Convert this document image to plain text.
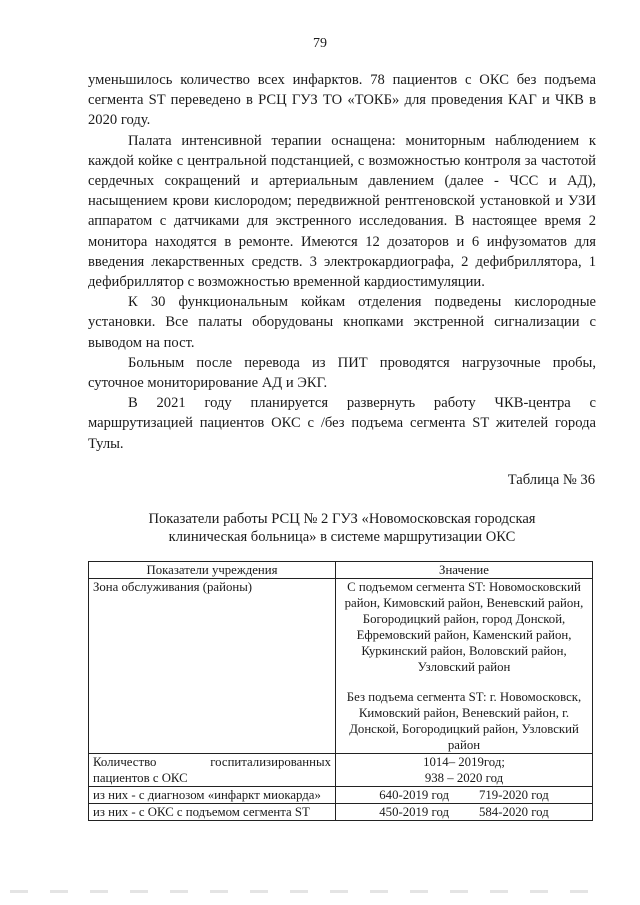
79

уменьшилось количество всех инфарктов. 78 пациентов с ОКС без подъема сегмента ST переведено в РСЦ ГУЗ ТО «ТОКБ» для проведения КАГ и ЧКВ в 2020 году.

Палата интенсивной терапии оснащена: мониторным наблюдением к каждой койке с центральной подстанцией, с возможностью контроля за частотой сердечных сокращений и артериальным давлением (далее - ЧСС и АД), насыщением крови кислородом; передвижной рентгеновской установкой и УЗИ аппаратом с датчиками для экстренного исследования. В настоящее время 2 монитора находятся в ремонте. Имеются 12 дозаторов и 6 инфузоматов для введения лекарственных средств. 3 электрокардиографа, 2 дефибриллятора, 1 дефибриллятор с возможностью временной кардиостимуляции.

К 30 функциональным койкам отделения подведены кислородные установки. Все палаты оборудованы кнопками экстренной сигнализации с выводом на пост.

Больным после перевода из ПИТ проводятся нагрузочные пробы, суточное мониторирование АД и ЭКГ.

В 2021 году планируется развернуть работу ЧКВ-центра с маршрутизацией пациентов ОКС с /без подъема сегмента ST жителей города Тулы.

Таблица № 36
Показатели работы РСЦ № 2 ГУЗ «Новомосковская городская
клиническая больница» в системе маршрутизации ОКС
Показатели учреждения	Значение
Зона обслуживания (районы)	С подъемом сегмента ST: Новомосковский район, Кимовский район, Веневский район, Богородицкий район, город Донской, Ефремовский район, Каменский район, Куркинский район, Воловский район, Узловский район
Без подъема сегмента ST: г. Новомосковск, Кимовский район, Веневский район, г. Донской, Богородицкий район, Узловский район

Количество госпитализированных пациентов с ОКС	1014– 2019год;
938 – 2020 год

из них - с диагнозом «инфаркт миокарда»	640-2019 год 719-2020 год

из них - с ОКС с подъемом сегмента ST	450-2019 год 584-2020 год
